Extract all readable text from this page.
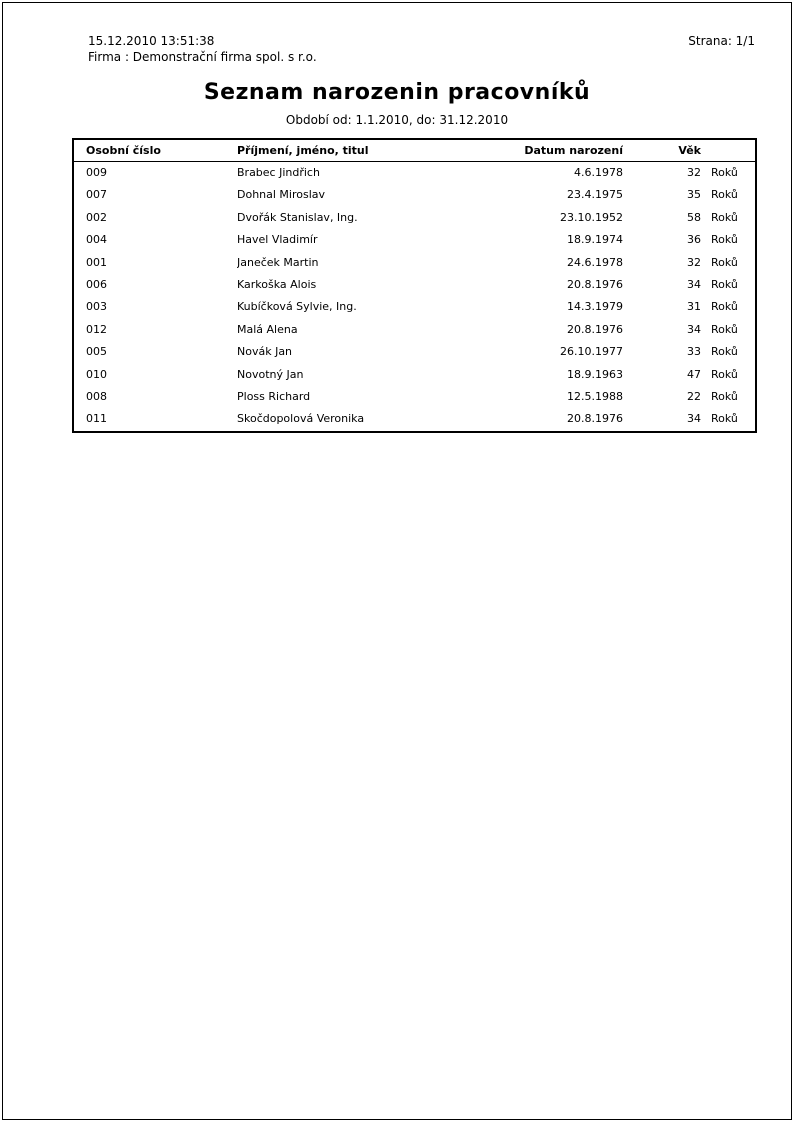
15.12.2010 13:51:38
Firma : Demonstrační firma spol. s r.o.
Strana: 1/1
Seznam narozenin pracovníků
Období od: 1.1.2010, do: 31.12.2010
Osobní číslo	Příjmení, jméno, titul	Datum narození	Věk
009	Brabec Jindřich	4.6.1978	32 Roků
007	Dohnal Miroslav	23.4.1975	35 Roků
002	Dvořák Stanislav, Ing.	23.10.1952	58 Roků
004	Havel Vladimír	18.9.1974	36 Roků
001	Janeček Martin	24.6.1978	32 Roků
006	Karkoška Alois	20.8.1976	34 Roků
003	Kubíčková Sylvie, Ing.	14.3.1979	31 Roků
012	Malá Alena	20.8.1976	34 Roků
005	Novák Jan	26.10.1977	33 Roků
010	Novotný Jan	18.9.1963	47 Roků
008	Ploss Richard	12.5.1988	22 Roků
011	Skočdopolová Veronika	20.8.1976	34 Roků
